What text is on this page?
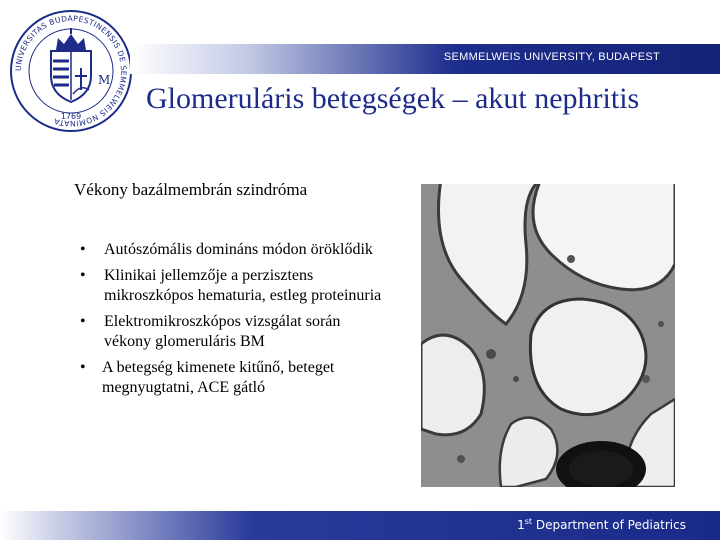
UNIVERSITAS BUDAPESTINENSIS DE SEMMELWEIS NOMINATA
M
1769
SEMMELWEIS UNIVERSITY, BUDAPEST
Glomeruláris betegségek – akut nephritis
Vékony bazálmembrán szindróma
• Autószómális domináns módon öröklődik
• Klinikai jellemzője a perzisztens mikroszkópos hematuria, estleg proteinuria
• Elektromikroszkópos vizsgálat során vékony glomeruláris BM
• A betegség kimenete kitűnő, beteget megnyugtatni, ACE gátló
1st Department of Pediatrics
